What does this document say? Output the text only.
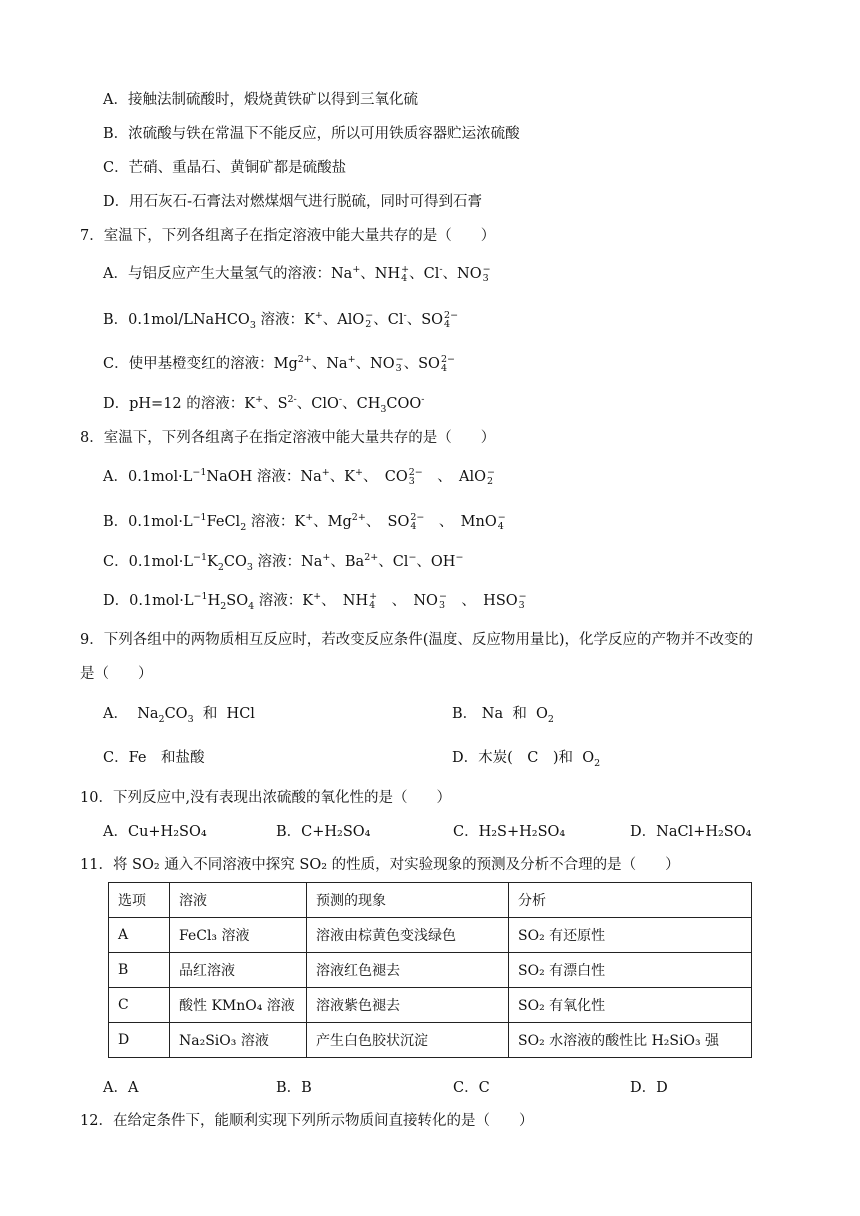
A．接触法制硫酸时，煅烧黄铁矿以得到三氧化硫
B．浓硫酸与铁在常温下不能反应，所以可用铁质容器贮运浓硫酸
C．芒硝、重晶石、黄铜矿都是硫酸盐
D．用石灰石-石膏法对燃煤烟气进行脱硫，同时可得到石膏
7．室温下，下列各组离子在指定溶液中能大量共存的是（　　）
A．与铝反应产生大量氢气的溶液：Na+、NH +
4 、Cl-、NO −
3
B．0.1mol/LNaHCO$_3$ 溶液：K+、AlO −
2 、Cl-、SO 2−
4
C．使甲基橙变红的溶液：$Mg^{2+}$、Na+、NO −
3 、SO 2−
4
D．pH=12 的溶液：K+、$S^{2-}$、ClO-、$CH_3COO^-$
8．室温下，下列各组离子在指定溶液中能大量共存的是（　　）
A．$0.1mol\cdot L^{-1}NaOH$ 溶液：Na+、K+、　CO 2−
3 　、　AlO −
2
B．$0.1mol\cdot L^{-1}FeCl_2$ 溶液：K+、$Mg^{2+}$、　SO 2−
4 　、　MnO −
4
C．$0.1mol\cdot L^{-1}K_2CO_3$ 溶液：Na+、$Ba^{2+}$、Cl−、OH−
D．$0.1mol\cdot L^{-1}H_2SO_4$ 溶液：K+、　NH +
4 　、　NO −
3 　、　HSO −
3
9．下列各组中的两物质相互反应时，若改变反应条件(温度、反应物用量比)，化学反应的产物并不改变的
是（　　）
A．  $Na_2CO_3$  和  HCl	B． Na  和  $O_2$
C．Fe　和盐酸	D．木炭(　C　)和  $O_2$
10．下列反应中,没有表现出浓硫酸的氧化性的是（　　）
A．Cu+H₂SO₄	B．C+H₂SO₄	C．H₂S+H₂SO₄	D．NaCl+H₂SO₄
11．将 SO₂ 通入不同溶液中探究 SO₂ 的性质，对实验现象的预测及分析不合理的是（　　）
选项	溶液	预测的现象	分析
A	FeCl₃ 溶液	溶液由棕黄色变浅绿色	SO₂ 有还原性
B	品红溶液	溶液红色褪去	SO₂ 有漂白性
C	酸性 KMnO₄ 溶液	溶液紫色褪去	SO₂ 有氧化性
D	Na₂SiO₃ 溶液	产生白色胶状沉淀	SO₂ 水溶液的酸性比 H₂SiO₃ 强
A．A	B．B	C．C	D．D
12．在给定条件下，能顺利实现下列所示物质间直接转化的是（　　）
